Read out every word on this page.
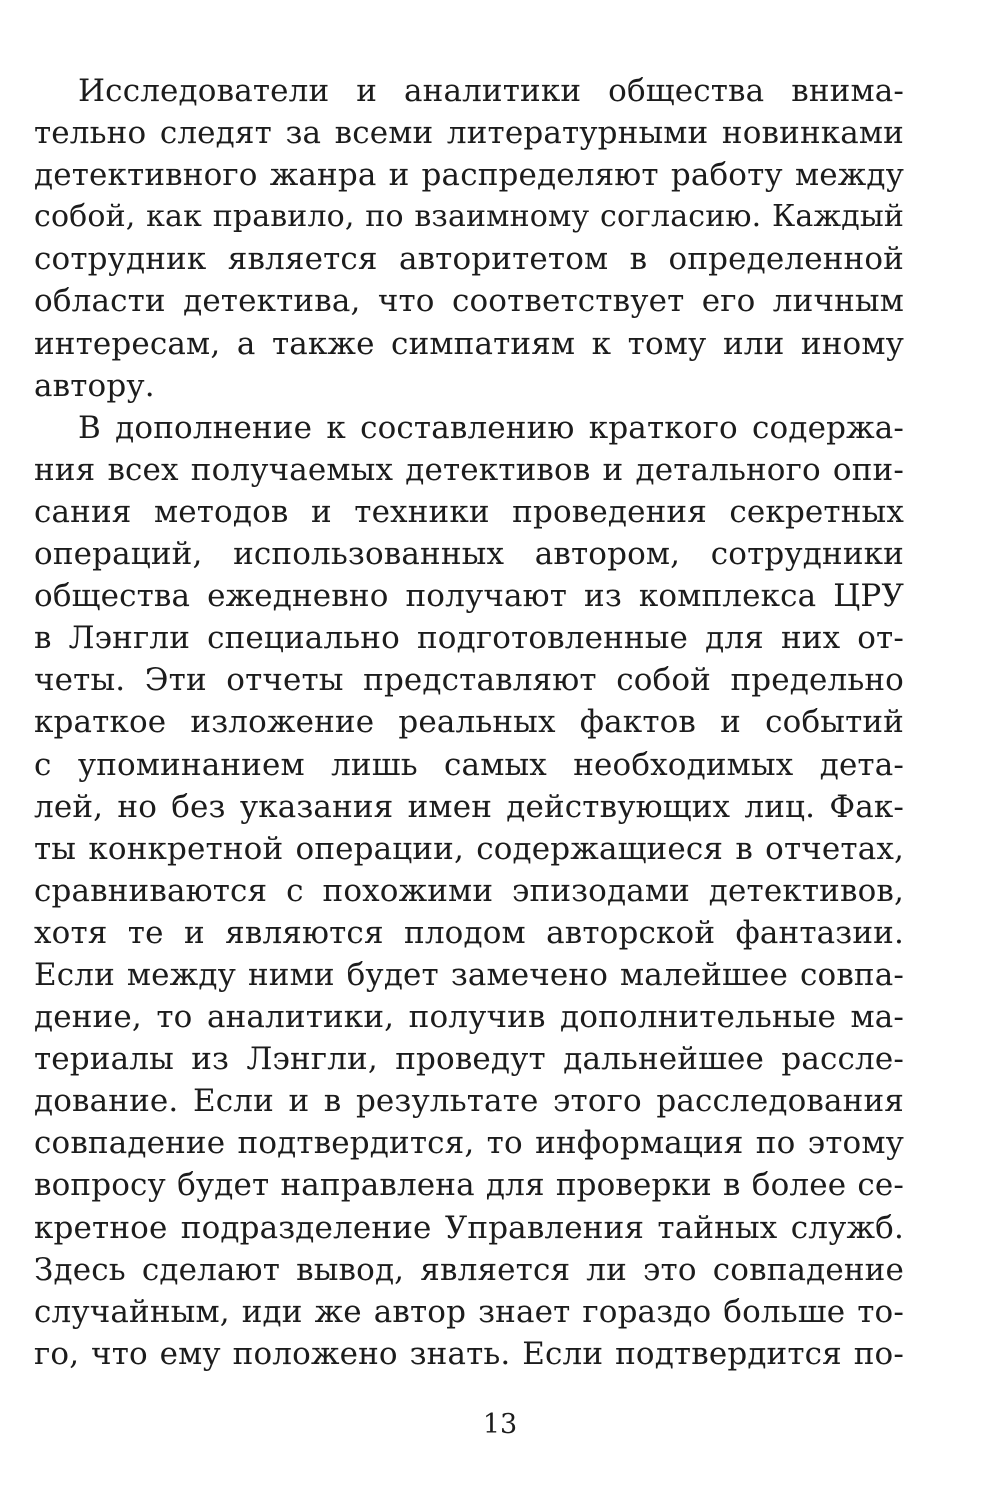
Исследователи и аналитики общества внима-
тельно следят за всеми литературными новинками
детективного жанра и распределяют работу между
собой, как правило, по взаимному согласию. Каждый
сотрудник является авторитетом в определенной
области детектива, что соответствует его личным
интересам, а также симпатиям к тому или иному
автору.
В дополнение к составлению краткого содержа-
ния всех получаемых детективов и детального опи-
сания методов и техники проведения секретных
операций, использованных автором, сотрудники
общества ежедневно получают из комплекса ЦРУ
в Лэнгли специально подготовленные для них от-
четы. Эти отчеты представляют собой предельно
краткое изложение реальных фактов и событий
с упоминанием лишь самых необходимых дета-
лей, но без указания имен действующих лиц. Фак-
ты конкретной операции, содержащиеся в отчетах,
сравниваются с похожими эпизодами детективов,
хотя те и являются плодом авторской фантазии.
Если между ними будет замечено малейшее совпа-
дение, то аналитики, получив дополнительные ма-
териалы из Лэнгли, проведут дальнейшее рассле-
дование. Если и в результате этого расследования
совпадение подтвердится, то информация по этому
вопросу будет направлена для проверки в более се-
кретное подразделение Управления тайных служб.
Здесь сделают вывод, является ли это совпадение
случайным, иди же автор знает гораздо больше то-
го, что ему положено знать. Если подтвердится по-
13
